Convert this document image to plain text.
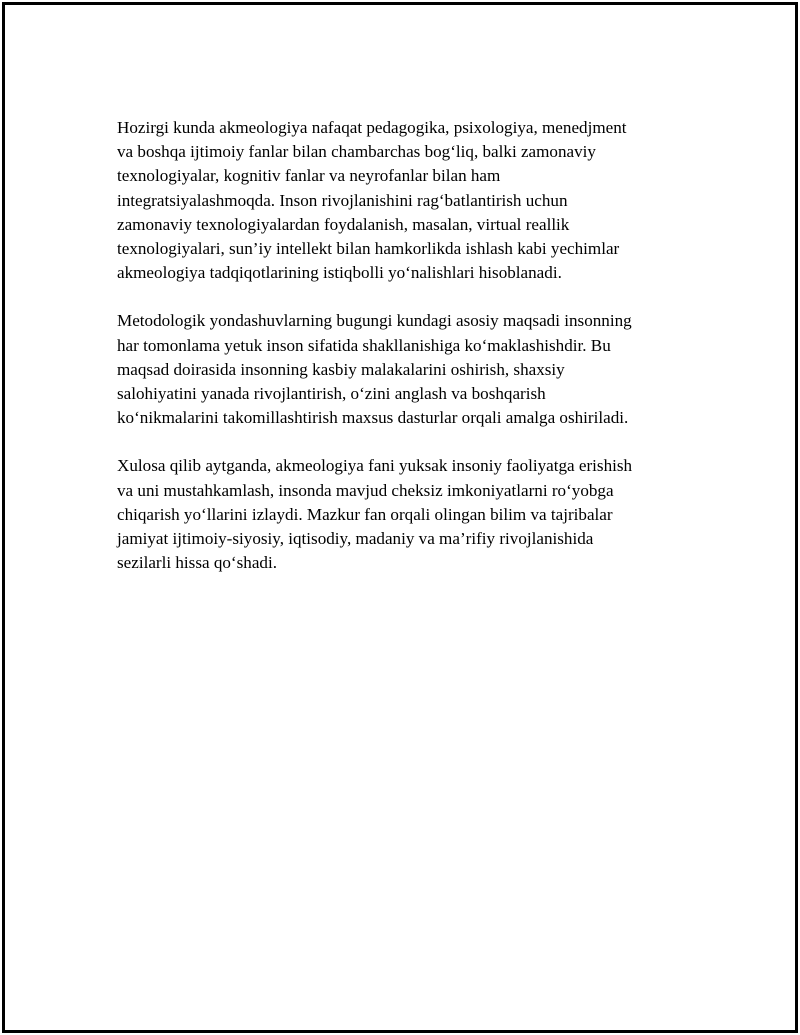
Hozirgi kunda akmeologiya nafaqat pedagogika, psixologiya, menedjment
va boshqa ijtimoiy fanlar bilan chambarchas bog‘liq, balki zamonaviy
texnologiyalar, kognitiv fanlar va neyrofanlar bilan ham
integratsiyalashmoqda. Inson rivojlanishini rag‘batlantirish uchun
zamonaviy texnologiyalardan foydalanish, masalan, virtual reallik
texnologiyalari, sun’iy intellekt bilan hamkorlikda ishlash kabi yechimlar
akmeologiya tadqiqotlarining istiqbolli yo‘nalishlari hisoblanadi.

Metodologik yondashuvlarning bugungi kundagi asosiy maqsadi insonning
har tomonlama yetuk inson sifatida shakllanishiga ko‘maklashishdir. Bu
maqsad doirasida insonning kasbiy malakalarini oshirish, shaxsiy
salohiyatini yanada rivojlantirish, o‘zini anglash va boshqarish
ko‘nikmalarini takomillashtirish maxsus dasturlar orqali amalga oshiriladi.

Xulosa qilib aytganda, akmeologiya fani yuksak insoniy faoliyatga erishish
va uni mustahkamlash, insonda mavjud cheksiz imkoniyatlarni ro‘yobga
chiqarish yo‘llarini izlaydi. Mazkur fan orqali olingan bilim va tajribalar
jamiyat ijtimoiy-siyosiy, iqtisodiy, madaniy va ma’rifiy rivojlanishida
sezilarli hissa qo‘shadi.
